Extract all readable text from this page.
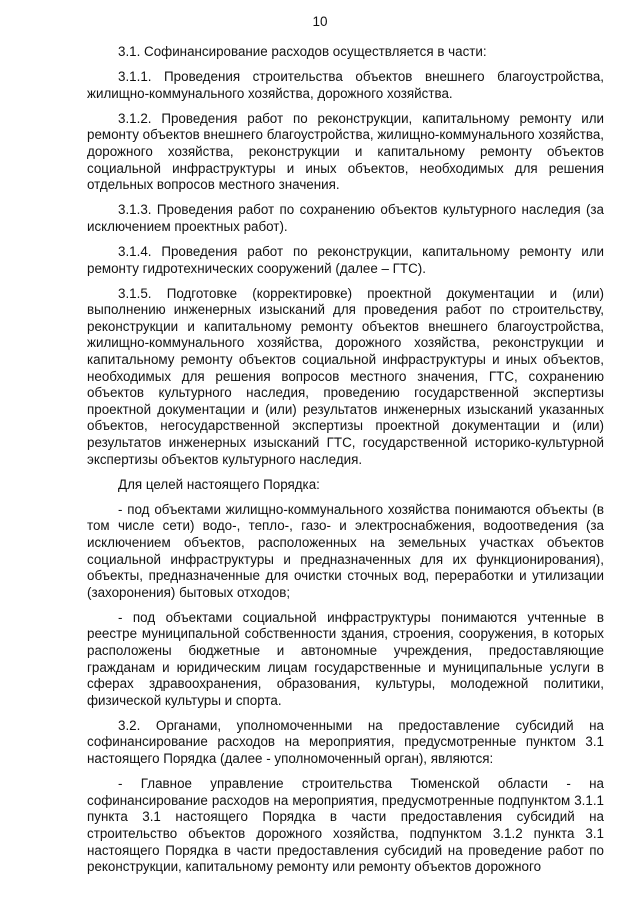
10

3.1. Софинансирование расходов осуществляется в части:

3.1.1. Проведения строительства объектов внешнего благоустройства, жилищно-коммунального хозяйства, дорожного хозяйства.

3.1.2. Проведения работ по реконструкции, капитальному ремонту или ремонту объектов внешнего благоустройства, жилищно-коммунального хозяйства, дорожного хозяйства, реконструкции и капитальному ремонту объектов социальной инфраструктуры и иных объектов, необходимых для решения отдельных вопросов местного значения.

3.1.3. Проведения работ по сохранению объектов культурного наследия (за исключением проектных работ).

3.1.4. Проведения работ по реконструкции, капитальному ремонту или ремонту гидротехнических сооружений (далее – ГТС).

3.1.5. Подготовке (корректировке) проектной документации и (или) выполнению инженерных изысканий для проведения работ по строительству, реконструкции и капитальному ремонту объектов внешнего благоустройства, жилищно-коммунального хозяйства, дорожного хозяйства, реконструкции и капитальному ремонту объектов социальной инфраструктуры и иных объектов, необходимых для решения вопросов местного значения, ГТС, сохранению объектов культурного наследия, проведению государственной экспертизы проектной документации и (или) результатов инженерных изысканий указанных объектов, негосударственной экспертизы проектной документации и (или) результатов инженерных изысканий ГТС, государственной историко-культурной экспертизы объектов культурного наследия.

Для целей настоящего Порядка:

- под объектами жилищно-коммунального хозяйства понимаются объекты (в том числе сети) водо-, тепло-, газо- и электроснабжения, водоотведения (за исключением объектов, расположенных на земельных участках объектов социальной инфраструктуры и предназначенных для их функционирования), объекты, предназначенные для очистки сточных вод, переработки и утилизации (захоронения) бытовых отходов;

- под объектами социальной инфраструктуры понимаются учтенные в реестре муниципальной собственности здания, строения, сооружения, в которых расположены бюджетные и автономные учреждения, предоставляющие гражданам и юридическим лицам государственные и муниципальные услуги в сферах здравоохранения, образования, культуры, молодежной политики, физической культуры и спорта.

3.2. Органами, уполномоченными на предоставление субсидий на софинансирование расходов на мероприятия, предусмотренные пунктом 3.1 настоящего Порядка (далее - уполномоченный орган), являются:

- Главное управление строительства Тюменской области - на софинансирование расходов на мероприятия, предусмотренные подпунктом 3.1.1 пункта 3.1 настоящего Порядка в части предоставления субсидий на строительство объектов дорожного хозяйства, подпунктом 3.1.2 пункта 3.1 настоящего Порядка в части предоставления субсидий на проведение работ по реконструкции, капитальному ремонту или ремонту объектов дорожного
